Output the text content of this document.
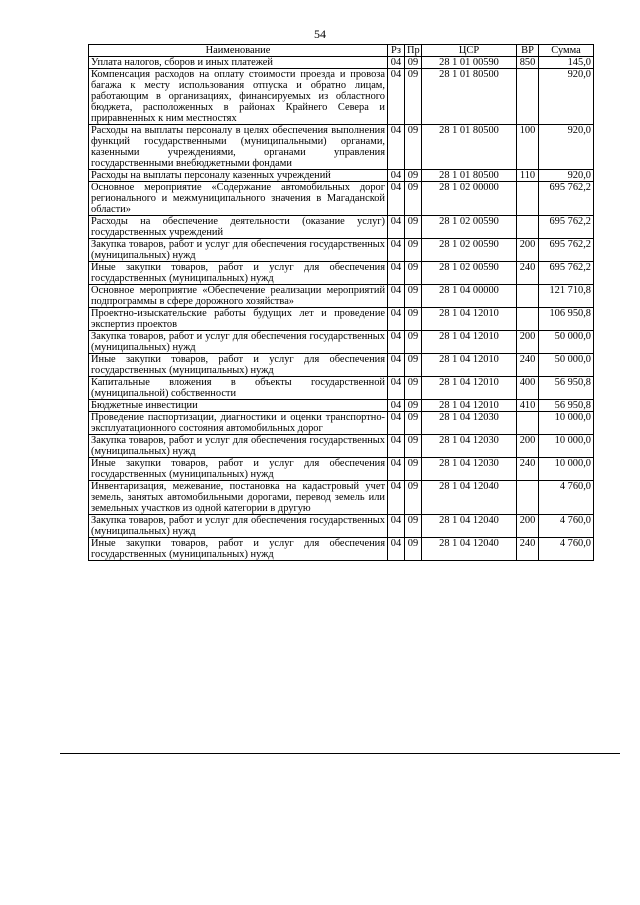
54
Наименование	Рз	Пр	ЦСР	ВР	Сумма
Уплата налогов, сборов и иных платежей	04	09	28 1 01 00590	850	145,0
Компенсация расходов на оплату стоимости проезда и провоза багажа к месту использования отпуска и обратно лицам, работающим в организациях, финансируемых из областного бюджета, расположенных в районах Крайнего Севера и приравненных к ним местностях	04	09	28 1 01 80500		920,0
Расходы на выплаты персоналу в целях обеспечения выполнения функций государственными (муниципальными) органами, казенными учреждениями, органами управления государственными внебюджетными фондами	04	09	28 1 01 80500	100	920,0
Расходы на выплаты персоналу казенных учреждений	04	09	28 1 01 80500	110	920,0
Основное мероприятие «Содержание автомобильных дорог регионального и межмуниципального значения в Магаданской области»	04	09	28 1 02 00000		695 762,2
Расходы на обеспечение деятельности (оказание услуг) государственных учреждений	04	09	28 1 02 00590		695 762,2
Закупка товаров, работ и услуг для обеспечения государственных (муниципальных) нужд	04	09	28 1 02 00590	200	695 762,2
Иные закупки товаров, работ и услуг для обеспечения государственных (муниципальных) нужд	04	09	28 1 02 00590	240	695 762,2
Основное мероприятие «Обеспечение реализации мероприятий подпрограммы в сфере дорожного хозяйства»	04	09	28 1 04 00000		121 710,8
Проектно-изыскательские работы будущих лет и проведение экспертиз проектов	04	09	28 1 04 12010		106 950,8
Закупка товаров, работ и услуг для обеспечения государственных (муниципальных) нужд	04	09	28 1 04 12010	200	50 000,0
Иные закупки товаров, работ и услуг для обеспечения государственных (муниципальных) нужд	04	09	28 1 04 12010	240	50 000,0
Капитальные вложения в объекты государственной (муниципальной) собственности	04	09	28 1 04 12010	400	56 950,8
Бюджетные инвестиции	04	09	28 1 04 12010	410	56 950,8
Проведение паспортизации, диагностики и оценки транспортно-эксплуатационного состояния автомобильных дорог	04	09	28 1 04 12030		10 000,0
Закупка товаров, работ и услуг для обеспечения государственных (муниципальных) нужд	04	09	28 1 04 12030	200	10 000,0
Иные закупки товаров, работ и услуг для обеспечения государственных (муниципальных) нужд	04	09	28 1 04 12030	240	10 000,0
Инвентаризация, межевание, постановка на кадастровый учет земель, занятых автомобильными дорогами, перевод земель или земельных участков из одной категории в другую	04	09	28 1 04 12040		4 760,0
Закупка товаров, работ и услуг для обеспечения государственных (муниципальных) нужд	04	09	28 1 04 12040	200	4 760,0
Иные закупки товаров, работ и услуг для обеспечения государственных (муниципальных) нужд	04	09	28 1 04 12040	240	4 760,0
